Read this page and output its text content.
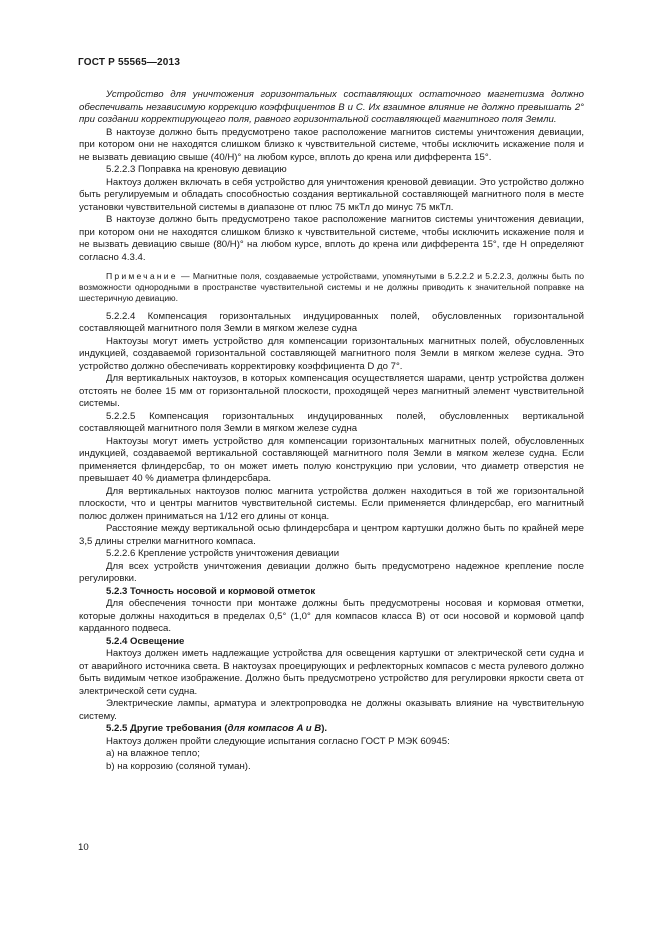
ГОСТ Р 55565—2013

Устройство для уничтожения горизонтальных составляющих остаточного магнетизма должно обеспечивать независимую коррекцию коэффициентов B и C. Их взаимное влияние не должно превышать 2° при создании корректирующего поля, равного горизонтальной составляющей магнитного поля Земли.

В нактоузе должно быть предусмотрено такое расположение магнитов системы уничтожения девиации, при котором они не находятся слишком близко к чувствительной системе, чтобы исключить искажение поля и не вызвать девиацию свыше (40/H)° на любом курсе, вплоть до крена или дифферента 15°.

5.2.2.3 Поправка на креновую девиацию

Нактоуз должен включать в себя устройство для уничтожения креновой девиации. Это устройство должно быть регулируемым и обладать способностью создания вертикальной составляющей магнитного поля в месте установки чувствительной системы в диапазоне от плюс 75 мкТл до минус 75 мкТл.

В нактоузе должно быть предусмотрено такое расположение магнитов системы уничтожения девиации, при котором они не находятся слишком близко к чувствительной системе, чтобы исключить искажение поля и не вызвать девиацию свыше (80/H)° на любом курсе, вплоть до крена или дифферента 15°, где H определяют согласно 4.3.4.

Примечание — Магнитные поля, создаваемые устройствами, упомянутыми в 5.2.2.2 и 5.2.2.3, должны быть по возможности однородными в пространстве чувствительной системы и не должны приводить к значительной поправке на шестеричную девиацию.

5.2.2.4 Компенсация горизонтальных индуцированных полей, обусловленных горизонтальной составляющей магнитного поля Земли в мягком железе судна

Нактоузы могут иметь устройство для компенсации горизонтальных магнитных полей, обусловленных индукцией, создаваемой горизонтальной составляющей магнитного поля Земли в мягком железе судна. Это устройство должно обеспечивать корректировку коэффициента D до 7°.

Для вертикальных нактоузов, в которых компенсация осуществляется шарами, центр устройства должен отстоять не более 15 мм от горизонтальной плоскости, проходящей через магнитный элемент чувствительной системы.

5.2.2.5 Компенсация горизонтальных индуцированных полей, обусловленных вертикальной составляющей магнитного поля Земли в мягком железе судна

Нактоузы могут иметь устройство для компенсации горизонтальных магнитных полей, обусловленных индукцией, создаваемой вертикальной составляющей магнитного поля Земли в мягком железе судна. Если применяется флиндерсбар, то он может иметь полую конструкцию при условии, что диаметр отверстия не превышает 40 % диаметра флиндерсбара.

Для вертикальных нактоузов полюс магнита устройства должен находиться в той же горизонтальной плоскости, что и центры магнитов чувствительной системы. Если применяется флиндерсбар, его магнитный полюс должен приниматься на 1/12 его длины от конца.

Расстояние между вертикальной осью флиндерсбара и центром картушки должно быть по крайней мере 3,5 длины стрелки магнитного компаса.

5.2.2.6 Крепление устройств уничтожения девиации

Для всех устройств уничтожения девиации должно быть предусмотрено надежное крепление после регулировки.

5.2.3 Точность носовой и кормовой отметок

Для обеспечения точности при монтаже должны быть предусмотрены носовая и кормовая отметки, которые должны находиться в пределах 0,5° (1,0° для компасов класса B) от оси носовой и кормовой цапф карданного подвеса.

5.2.4 Освещение

Нактоуз должен иметь надлежащие устройства для освещения картушки от электрической сети судна и от аварийного источника света. В нактоузах проецирующих и рефлекторных компасов с места рулевого должно быть видимым четкое изображение. Должно быть предусмотрено устройство для регулировки яркости света от электрической сети судна.

Электрические лампы, арматура и электропроводка не должны оказывать влияние на чувствительную систему.

5.2.5 Другие требования (для компасов A и B).

Нактоуз должен пройти следующие испытания согласно ГОСТ Р МЭК 60945:

a) на влажное тепло;

b) на коррозию (соляной туман).

10
